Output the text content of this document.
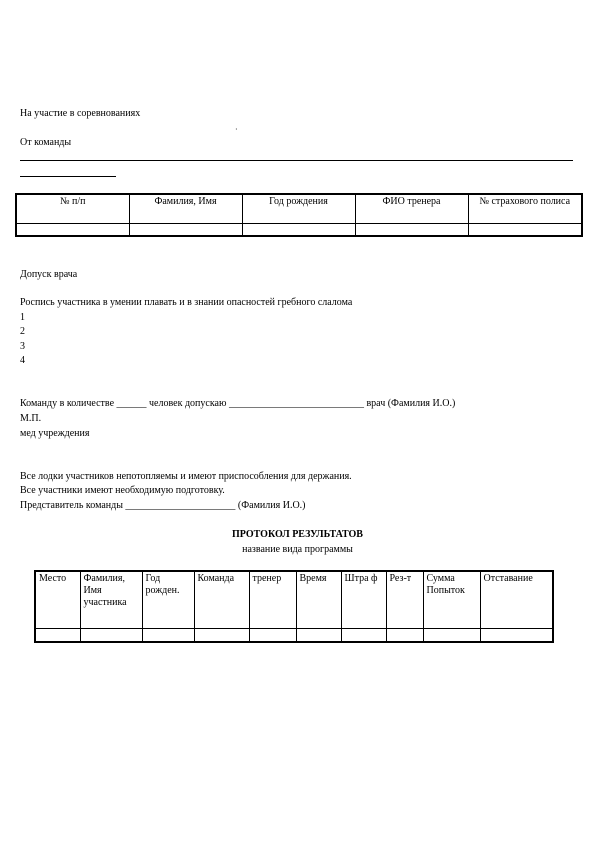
На участие в соревнованиях
·
От команды
№ п/п	Фамилия, Имя	Год рождения	ФИО тренера	№ страхового полиса

Допуск врача
Роспись участника в умении плавать и в знании опасностей гребного слалома
1
2
3
4
Команду в количестве ______ человек допускаю ___________________________ врач (Фамилия И.О.)
М.П.
мед учреждения
Все лодки участников непотопляемы и имеют приспособления для держания.
Все участники имеют необходимую подготовку.
Представитель команды ______________________ (Фамилия И.О.)
ПРОТОКОЛ РЕЗУЛЬТАТОВ
название вида программы
Место	Фамилия, Имя участника	Год рожден.	Команда	тренер	Время	Штра ф	Рез-т	Сумма Попыток	Отставание
